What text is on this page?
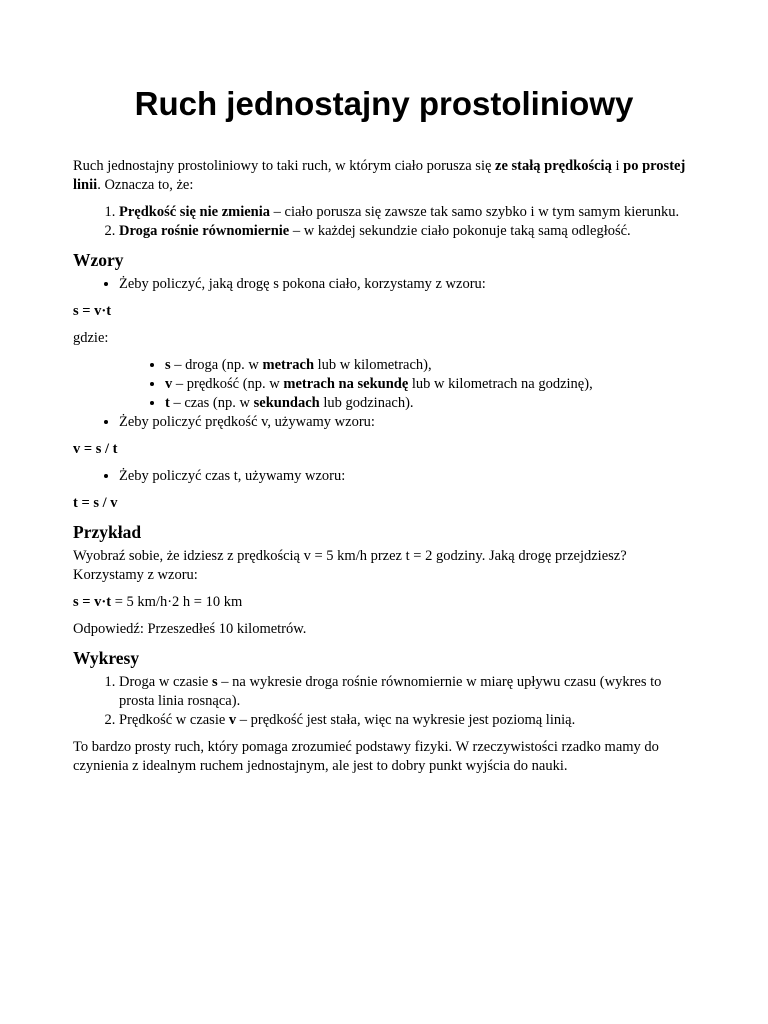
Ruch jednostajny prostoliniowy

Ruch jednostajny prostoliniowy to taki ruch, w którym ciało porusza się ze stałą prędkością i po prostej linii. Oznacza to, że:

1. Prędkość się nie zmienia – ciało porusza się zawsze tak samo szybko i w tym samym kierunku.
2. Droga rośnie równomiernie – w każdej sekundzie ciało pokonuje taką samą odległość.
Wzory
• Żeby policzyć, jaką drogę s pokona ciało, korzystamy z wzoru:

s = v·t

gdzie:

• s – droga (np. w metrach lub w kilometrach),
• v – prędkość (np. w metrach na sekundę lub w kilometrach na godzinę),
• t – czas (np. w sekundach lub godzinach).
• Żeby policzyć prędkość v, używamy wzoru:

v = s / t

• Żeby policzyć czas t, używamy wzoru:

t = s / v

Przykład

Wyobraź sobie, że idziesz z prędkością v = 5 km/h przez t = 2 godziny. Jaką drogę przejdziesz? Korzystamy z wzoru:

s = v·t = 5 km/h·2 h = 10 km

Odpowiedź: Przeszedłeś 10 kilometrów.

Wykresy
1. Droga w czasie s – na wykresie droga rośnie równomiernie w miarę upływu czasu (wykres to prosta linia rosnąca).
2. Prędkość w czasie v – prędkość jest stała, więc na wykresie jest poziomą linią.

To bardzo prosty ruch, który pomaga zrozumieć podstawy fizyki. W rzeczywistości rzadko mamy do czynienia z idealnym ruchem jednostajnym, ale jest to dobry punkt wyjścia do nauki.
